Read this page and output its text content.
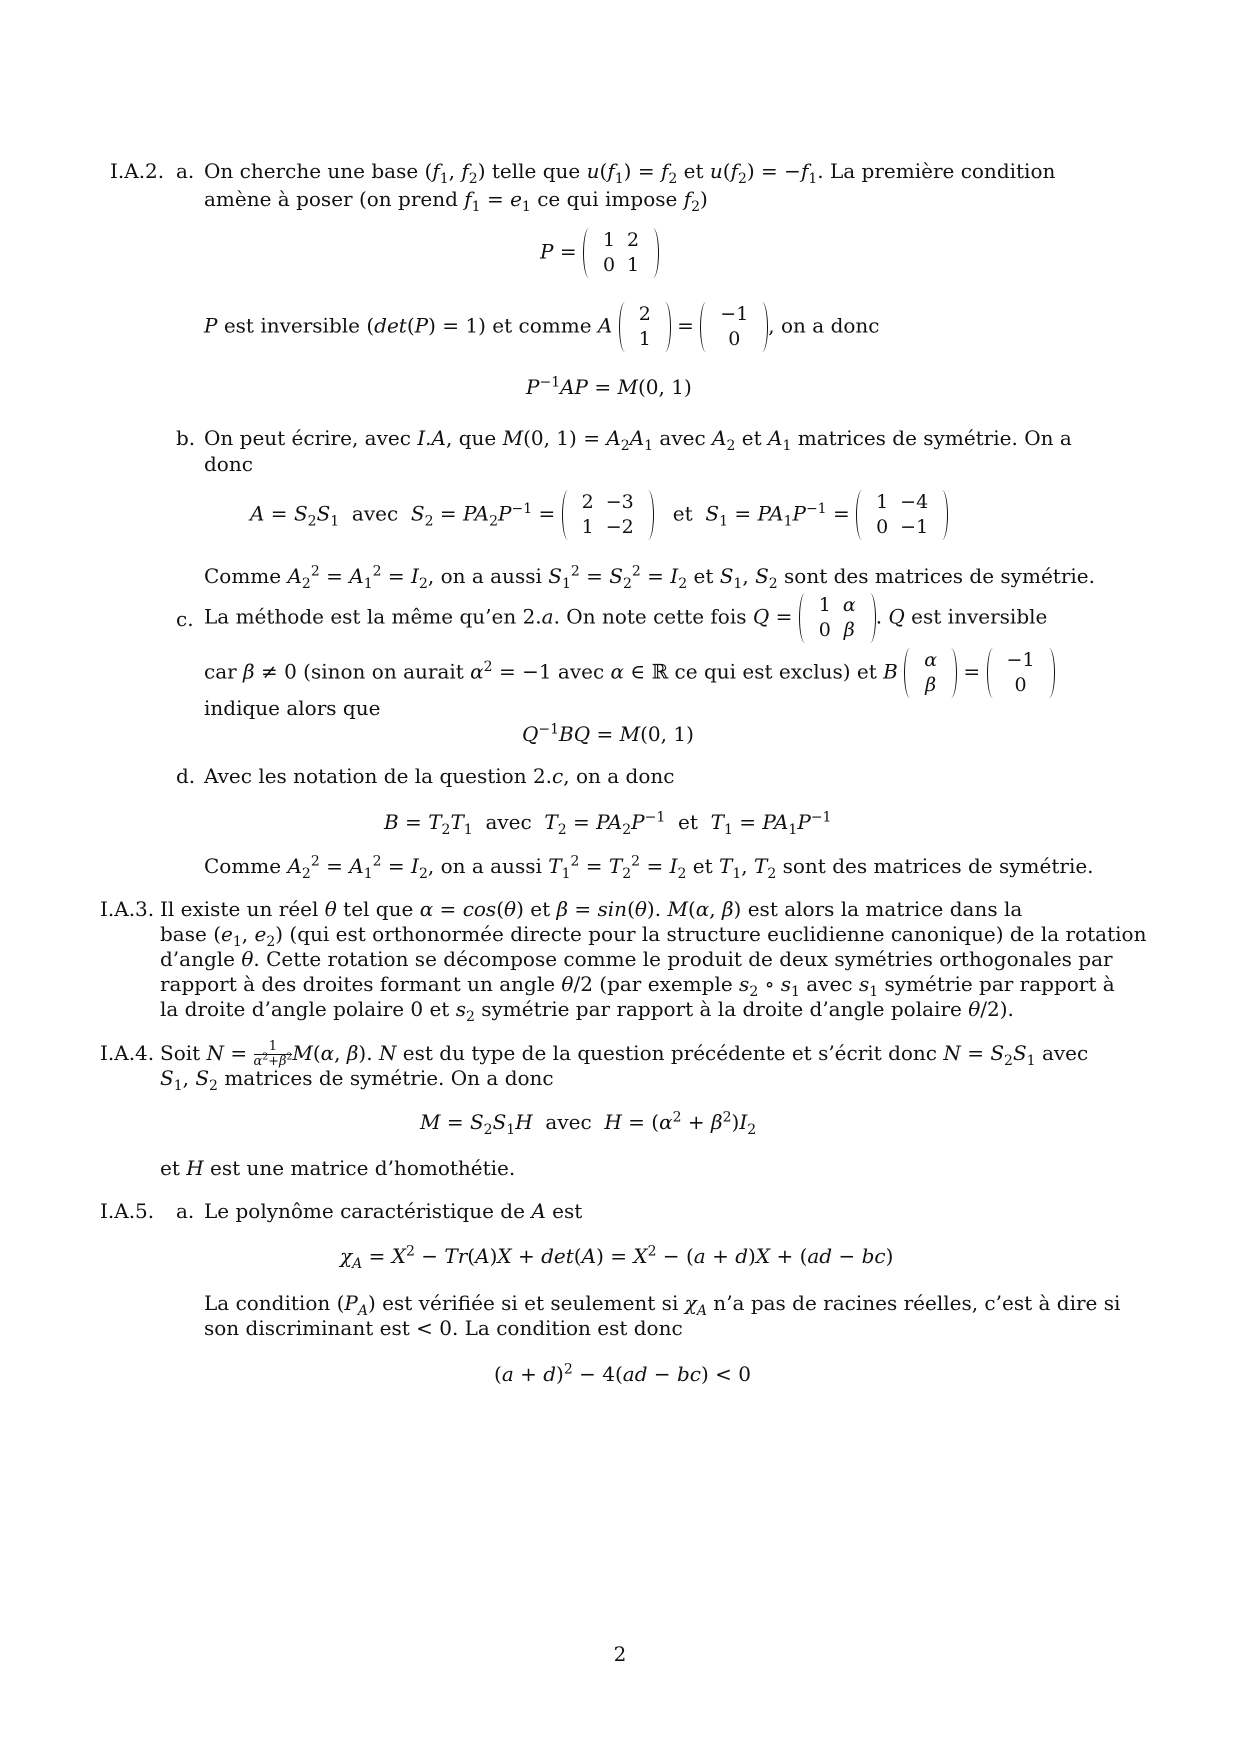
I.A.2. a. On cherche une base ($f_1$, $f_2$) telle que $u(f_1) = f_2$ et $u(f_2) = -f_1$. La première condition
amène à poser (on prend $f_1 = e_1$ ce qui impose $f_2$)
P = 1	2
0	1
P est inversible (det(P) = 1) et comme A 2
1
= −1
0
, on a donc
$P^{-1}AP = M(0$, 1)
b. On peut écrire, avec I.A, que M(0, $1) = A_2A_1$ avec $A_2$ et $A_1$ matrices de symétrie. On a
donc
$A = S_2S_1$ avec $S_2 = PA_2P^{-1} = 2$	−3
1	−2
et $S_1 = PA_1P^{-1} = 1$	−4
0	−1
Comme $A_2^2 = A_1^2 = I_2$, on a aussi $S_1^2 = S_2^2 = I_2$ et $S_1$, $S_2$ sont des matrices de symétrie.
c. La méthode est la même qu’en 2.a. On note cette fois Q = 1	α
0	β
. Q est inversible
car β ≠ 0 (sinon on aurait $\alpha^2 = -1$ avec α ∈ ℝ ce qui est exclus) et B α
β
= −1
0
indique alors que
$Q^{-1}BQ = M(0$, 1)
d. Avec les notation de la question 2.c, on a donc
$B = T_2T_1$ avec $T_2 = PA_2P^{-1}$ et $T_1 = PA_1P^{-1}$
Comme $A_2^2 = A_1^2 = I_2$, on a aussi $T_1^2 = T_2^2 = I_2$ et $T_1$, $T_2$ sont des matrices de symétrie.
I.A.3. Il existe un réel θ tel que α = cos(θ) et β = sin(θ). M(α, β) est alors la matrice dans la
base ($e_1$, $e_2$) (qui est orthonormée directe pour la structure euclidienne canonique) de la rotation
d’angle θ. Cette rotation se décompose comme le produit de deux symétries orthogonales par
rapport à des droites formant un angle θ/2 (par exemple $s_2$ ∘ $s_1$ avec $s_1$ symétrie par rapport à
la droite d’angle polaire 0 et $s_2$ symétrie par rapport à la droite d’angle polaire θ/2).
I.A.4. Soit $N = \frac{1}{\alpha^2+\beta^2} M(\alpha$, β). N est du type de la question précédente et s’écrit donc $N = S_2S_1$ avec
$S_1$, $S_2$ matrices de symétrie. On a donc
$M = S_2S_1H$ avec $H = (\alpha^2 + \beta^2)I_2$
et H est une matrice d’homothétie.
I.A.5. a. Le polynôme caractéristique de A est
$\chi_A = X^2 - Tr(A)X + \det(A) = X^2 - (a + d)X + (ad - bc)$
La condition $(P_A)$ est vérifiée si et seulement si $\chi_A$ n’a pas de racines réelles, c’est à dire si
son discriminant est < 0. La condition est donc
$(a + d)^2 - 4(ad - bc) < 0$
2
